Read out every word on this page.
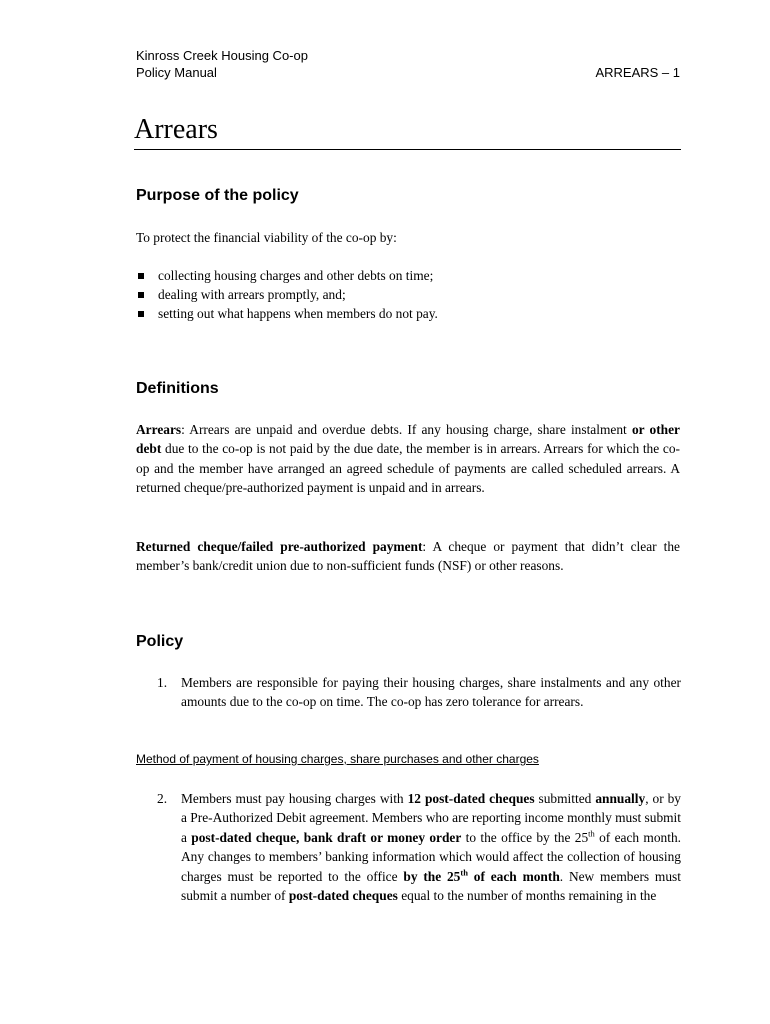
Kinross Creek Housing Co-op
Policy Manual	ARREARS – 1
Arrears
Purpose of the policy
To protect the financial viability of the co-op by:
collecting housing charges and other debts on time;
dealing with arrears promptly, and;
setting out what happens when members do not pay.
Definitions
Arrears: Arrears are unpaid and overdue debts. If any housing charge, share instalment or other debt due to the co-op is not paid by the due date, the member is in arrears. Arrears for which the co-op and the member have arranged an agreed schedule of payments are called scheduled arrears. A returned cheque/pre-authorized payment is unpaid and in arrears.
Returned cheque/failed pre-authorized payment: A cheque or payment that didn’t clear the member’s bank/credit union due to non-sufficient funds (NSF) or other reasons.
Policy
1. Members are responsible for paying their housing charges, share instalments and any other amounts due to the co-op on time. The co-op has zero tolerance for arrears.
Method of payment of housing charges, share purchases and other charges
2. Members must pay housing charges with 12 post-dated cheques submitted annually, or by a Pre-Authorized Debit agreement. Members who are reporting income monthly must submit a post-dated cheque, bank draft or money order to the office by the 25th of each month. Any changes to members’ banking information which would affect the collection of housing charges must be reported to the office by the 25th of each month. New members must submit a number of post-dated cheques equal to the number of months remaining in the
